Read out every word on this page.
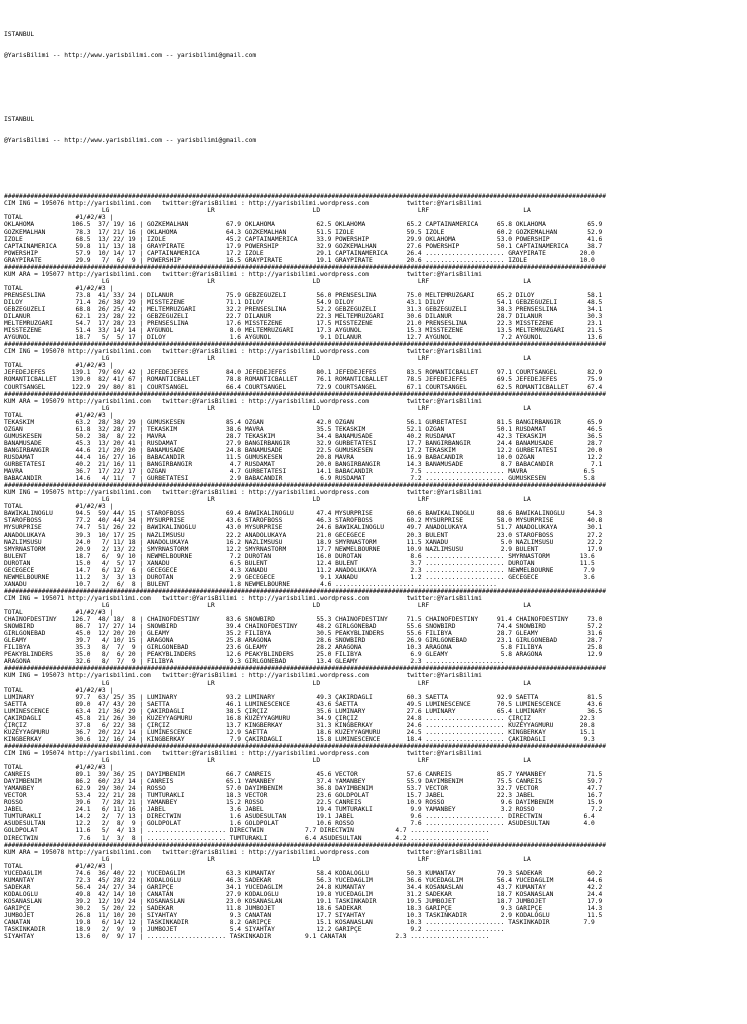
ISTANBUL

@YarisBilimi -- http://www.yarisbilimi.com -- yarisbilimi@gmail.com

ISTANBUL

@YarisBilimi -- http://www.yarisbilimi.com -- yarisbilimi@gmail.com

################################################################################################################################################################
CIM ING = 195076 http://yarisbilimi.com   twitter:@YarisBilimi : http://yarisbilimi.wordpress.com          twitter:@YarisBilimi
LG                          LR                          LD                          LRF                         LA
TOTAL              #1/#2/#3 |
OKLAHOMA          106.5  37/ 19/ 16 | GÖZKEMALHAN          67.9 OKLAHOMA           62.5 OKLAHOMA           65.2 CAPTAINAMERICA     65.8 OKLAHOMA           65.9
GÖZKEMALHAN        78.3  17/ 21/ 16 | OKLAHOMA             64.3 GÖZKEMALHAN        51.5 IZOLE              59.5 IZOLE              60.2 GÖZKEMALHAN        52.9
IZOLE              68.5  13/ 22/ 19 | IZOLE                45.2 CAPTAINAMERICA     33.9 POWERSHIP          29.9 OKLAHOMA           53.0 POWERSHIP          41.6
CAPTAINAMERICA     59.8  11/ 13/ 18 | GRAYPIRATE           17.9 POWERSHIP          32.9 GÖZKEMALHAN        27.6 POWERSHIP          50.1 CAPTAINAMERICA     38.7
POWERSHIP          57.9  10/ 14/ 17 | CAPTAINAMERICA       17.2 IZOLE              29.1 CAPTAINAMERICA     26.4 ..................... GRAYPIRATE         20.0
GRAYPIRATE         29.9   7/  6/  9 | POWERSHIP            16.5 GRAYPIRATE         19.1 GRAYPIRATE         20.6 ..................... IZOLE              10.0
################################################################################################################################################################
KUM ARA = 195077 http://yarisbilimi.com   twitter:@YarisBilimi : http://yarisbilimi.wordpress.com          twitter:@YarisBilimi
LG                          LR                          LD                          LRF                         LA
TOTAL              #1/#2/#3 |
PRENSESLINA        73.8  41/ 33/ 24 | DILANUR              75.9 GEBZEGÜZELI        56.0 PRENSESLINA        75.0 MELTEMRÜZGARI      65.2 DILOY              58.1
DILOY              71.4  26/ 38/ 29 | MISSTEZENE           71.1 DILOY              54.9 DILOY              43.1 DILOY              54.1 GEBZEGÜZELI        48.5
GEBZEGÜZELI        68.8  26/ 25/ 42 | MELTEMRÜZGARI        32.2 PRENSESLINA        52.2 GEBZEGÜZELI        31.3 GEBZEGÜZELI        38.3 PRENSESLINA        34.1
DILANUR            62.1  23/ 28/ 22 | GEBZEGÜZELI          22.7 DILANUR            22.3 MELTEMRÜZGARI      30.6 DILANUR            28.7 DILANUR            30.3
MELTEMRÜZGARI      54.7  17/ 28/ 23 | PRENSESLINA          17.6 MISSTEZENE         17.5 MISSTEZENE         21.0 PRENSESLINA        22.3 MISSTEZENE         23.1
MISSTEZENE         51.4  33/ 14/ 14 | AYGÜNÖL               8.0 MELTEMRÜZGARI      17.3 AYGÜNÖL            15.3 MISSTEZENE         13.5 MELTEMRÜZGARI      21.5
AYGÜNÖL            18.7   5/  5/ 17 | DILOY                 1.6 AYGÜNÖL             9.1 DILANUR            12.7 AYGÜNÖL             7.2 AYGÜNÖL            13.6
################################################################################################################################################################
CIM ING = 195070 http://yarisbilimi.com   twitter:@YarisBilimi : http://yarisbilimi.wordpress.com          twitter:@YarisBilimi
LG                          LR                          LD                          LRF                         LA
TOTAL              #1/#2/#3 |
JEFEDEJEFES       139.1  79/ 69/ 42 | JEFEDEJEFES          84.0 JEFEDEJEFES        80.1 JEFEDEJEFES        83.5 ROMANTICBALLET     97.1 COURTSANGEL        82.9
ROMANTICBALLET    139.0  82/ 41/ 67 | ROMANTICBALLET       78.8 ROMANTICBALLET     76.1 ROMANTICBALLET     78.5 JEFEDEJEFES        69.5 JEFEDEJEFES        75.9
COURTSANGEL       122.9  29/ 80/ 81 | COURTSANGEL          66.4 COURTSANGEL        72.9 COURTSANGEL        67.1 COURTSANGEL        62.5 ROMANTICBALLET     67.4
################################################################################################################################################################
KUM ARA = 195079 http://yarisbilimi.com   twitter:@YarisBilimi : http://yarisbilimi.wordpress.com          twitter:@YarisBilimi
LG                          LR                          LD                          LRF                         LA
TOTAL              #1/#2/#3 |
TEKASKIM           63.2  28/ 38/ 29 | GÜMÜSKESEN           85.4 OZGAN              42.0 OZGAN              56.1 GURBETATESI        81.5 BANGIRBANGIR       65.9
OZGAN              61.8  32/ 28/ 27 | TEKASKIM             38.6 MAVRA              35.5 TEKASKIM           52.1 OZGAN              50.1 RUSDAMAT           46.5
GÜMÜSKESEN         50.2  38/  8/ 22 | MAVRA                28.7 TEKASKIM           34.4 BANAMÜSADE         40.2 RUSDAMAT           42.3 TEKASKIM           36.5
BANAMÜSADE         45.3  13/ 20/ 41 | RUSDAMAT             27.9 BANGIRBANGIR       32.9 GURBETATESI        17.7 BANGIRBANGIR       24.4 BANAMÜSADE         28.7
BANGIRBANGIR       44.6  21/ 20/ 20 | BANAMÜSADE           24.8 BANAMÜSADE         22.5 GÜMÜSKESEN         17.2 TEKASKIM           12.2 GURBETATESI        20.0
RUSDAMAT           44.4  16/ 27/ 16 | BABACANDIR           11.5 GÜMÜSKESEN         20.8 MAVRA              16.9 BABACANDIR         10.0 OZGAN              12.2
GURBETATESI        40.2  21/ 16/ 11 | BANGIRBANGIR          4.7 RUSDAMAT           20.0 BANGIRBANGIR       14.3 BANAMÜSADE          8.7 BABACANDIR          7.1
MAVRA              36.7  17/ 22/ 17 | OZGAN                 4.7 GURBETATESI        14.1 BABACANDIR          7.5 ..................... MAVRA               6.5
BABACANDIR         14.6   4/ 11/  7 | GURBETATESI           2.9 BABACANDIR          6.9 RUSDAMAT            7.2 ..................... GÜMÜSKESEN          5.8
################################################################################################################################################################
KUM ING = 195075 http://yarisbilimi.com   twitter:@YarisBilimi : http://yarisbilimi.wordpress.com          twitter:@YarisBilimi
LG                          LR                          LD                          LRF                         LA
TOTAL              #1/#2/#3 |
BAWIKALINOGLU      94.5  59/ 44/ 15 | STAROFBOSS           69.4 BAWIKALINOGLU      47.4 MYSURPRISE         60.6 BAWIKALINOGLU      88.6 BAWIKALINOGLU      54.3
STAROFBOSS         77.2  40/ 44/ 34 | MYSURPRISE           43.6 STAROFBOSS         46.3 STAROFBOSS         60.2 MYSURPRISE         58.0 MYSURPRISE         40.8
MYSURPRISE         74.7  51/ 26/ 22 | BAWIKALINOGLU        43.0 MYSURPRISE         24.6 BAWIKALINOGLU      49.7 ANADOLUKAYA        51.7 ANADOLUKAYA        30.1
ANADOLUKAYA        39.3  10/ 17/ 25 | NAZLIMSUSU           22.2 ANADOLUKAYA        21.0 GECEGECE           20.3 BÜLENT             23.0 STAROFBOSS         27.2
NAZLIMSUSU         24.0   7/ 11/ 18 | ANADOLUKAYA          16.2 NAZLIMSUSU         18.9 SMYRNASTORM        11.5 XANADU              5.0 NAZLIMSUSU         22.2
SMYRNASTORM        20.9   2/ 13/ 22 | SMYRNASTORM          12.2 SMYRNASTORM        17.7 NEWMELBOURNE       10.9 NAZLIMSUSU          2.9 BÜLENT             17.9
BÜLENT             18.7   6/  9/ 10 | NEWMELBOURNE          7.2 DUROTAN            16.0 DUROTAN             8.6 ..................... SMYRNASTORM        13.6
DUROTAN            15.0   4/  5/ 17 | XANADU                6.5 BÜLENT             12.4 BÜLENT              3.7 ..................... DUROTAN            11.5
GECEGECE           14.7   6/ 12/  6 | GECEGECE              4.3 XANADU             11.2 ANADOLUKAYA         2.3 ..................... NEWMELBOURNE        7.9
NEWMELBOURNE       11.2   3/  3/ 13 | DUROTAN               2.9 GECEGECE            9.1 XANADU              1.2 ..................... GECEGECE            3.6
XANADU             10.7   2/  6/  8 | BÜLENT                1.8 NEWMELBOURNE        4.6 ..................... .....................
################################################################################################################################################################
CIM ING = 195071 http://yarisbilimi.com   twitter:@YarisBilimi : http://yarisbilimi.wordpress.com          twitter:@YarisBilimi
LG                          LR                          LD                          LRF                         LA
TOTAL              #1/#2/#3 |
CHAINOFDESTINY    126.7  48/ 18/  8 | CHAINOFDESTINY       83.6 SNOWBIRD           55.3 CHAINOFDESTINY     71.5 CHAINOFDESTINY     91.4 CHAINOFDESTINY     73.0
SNOWBIRD           86.7  17/ 27/ 14 | SNOWBIRD             39.4 CHAINOFDESTINY     48.2 GIRLGONEBAD        55.6 SNOWBIRD           74.4 SNOWBIRD           57.2
GIRLGONEBAD        45.0  12/ 20/ 20 | GLEAMY               35.2 FILIBYA            30.5 PEAKYBLINDERS      55.6 FILIBYA            28.7 GLEAMY             31.6
GLEAMY             39.7   4/ 10/ 15 | ARAGONA              25.8 ARAGONA            28.6 SNOWBIRD           26.9 GIRLGONEBAD        23.1 GIRLGONEBAD        28.7
FILIBYA            35.3   8/  7/  9 | GIRLGONEBAD          23.6 GLEAMY             28.2 ARAGONA            10.3 ARAGONA             5.8 FILIBYA            25.8
PEAKYBLINDERS      35.0   8/  6/ 20 | PEAKYBLINDERS        12.6 PEAKYBLINDERS      25.0 FILIBYA             6.9 GLEAMY              5.8 ARAGONA            12.9
ARAGONA            32.6   8/  7/  9 | FILIBYA               9.3 GIRLGONEBAD        13.4 GLEAMY              2.3 .....................
################################################################################################################################################################
KUM ING = 195073 http://yarisbilimi.com   twitter:@YarisBilimi : http://yarisbilimi.wordpress.com          twitter:@YarisBilimi
LG                          LR                          LD                          LRF                         LA
TOTAL              #1/#2/#3 |
LUMINARY           97.7  63/ 25/ 35 | LUMINARY             93.2 LUMINARY           49.3 ÇAKIRDAGLI         60.3 SAETTA             92.9 SAETTA             81.5
SAETTA             89.0  47/ 43/ 20 | SAETTA               46.1 LUMINESCENCE       43.6 SAETTA             49.5 LUMINESCENCE       70.5 LUMINESCENCE       43.6
LUMINESCENCE       63.4  21/ 36/ 29 | ÇAKIRDAGLI           38.5 ÇIRÇIZ             35.6 LUMINARY           27.6 LUMINARY           65.4 LUMINARY           36.5
ÇAKIRDAGLI         45.8  21/ 26/ 30 | KUZEYYAGMURU         16.8 KUZEYYAGMURU       34.9 ÇIRÇIZ             24.8 ..................... ÇIRÇIZ             22.3
ÇIRÇIZ             37.8   6/ 22/ 38 | ÇIRÇIZ               13.7 KINGBERKAY         31.3 KINGBERKAY         24.6 ..................... KUZEYYAGMURU       20.8
KUZEYYAGMURU       36.7  20/ 22/ 14 | LUMINESCENCE         12.9 SAETTA             18.6 KUZEYYAGMURU       24.5 ..................... KINGBERKAY         15.1
KINGBERKAY         30.6  12/ 16/ 24 | KINGBERKAY            7.9 ÇAKIRDAGLI         15.8 LUMINESCENCE       18.4 ..................... ÇAKIRDAGLI          9.3
################################################################################################################################################################
CIM ING = 195074 http://yarisbilimi.com   twitter:@YarisBilimi : http://yarisbilimi.wordpress.com          twitter:@YarisBilimi
LG                          LR                          LD                          LRF                         LA
TOTAL              #1/#2/#3 |
CANREIS            89.1  39/ 36/ 25 | DAYIMBENIM           66.7 CANREIS            45.6 VECTOR             57.6 CANREIS            85.7 YAMANBEY           71.5
DAYIMBENIM         86.2  60/ 23/ 14 | CANREIS              65.1 YAMANBEY           37.4 YAMANBEY           55.9 DAYIMBENIM         75.5 CANREIS            59.7
YAMANBEY           62.9  29/ 30/ 24 | ROSSO                57.0 DAYIMBENIM         36.8 DAYIMBENIM         53.7 VECTOR             32.7 VECTOR             47.7
VECTOR             53.4  22/ 21/ 28 | TUMTURAKLI           18.3 VECTOR             23.6 GOLDPOLAT          15.7 JABEL              22.3 JABEL              16.7
ROSSO              39.6   7/ 28/ 21 | YAMANBEY             15.2 ROSSO              22.5 CANREIS            10.9 ROSSO               9.6 DAYIMBENIM         15.9
JABEL              24.1   6/ 11/ 16 | JABEL                 3.6 JABEL              19.4 TUMTURAKLI          9.9 YAMANBEY            3.2 ROSSO               7.2
TUMTURAKLI         14.2   2/  7/ 13 | DIRECTWIN             1.6 ASUDESULTAN        19.1 JABEL               9.6 ..................... DIRECTWIN           6.4
ASUDESULTAN        12.2   2/  8/  9 | GOLDPOLAT             1.6 GOLDPOLAT          10.6 ROSSO               7.6 ..................... ASUDESULTAN         4.0
GOLDPOLAT          11.6   5/  4/ 13 | ..................... DIRECTWIN           7.7 DIRECTWIN           4.7 .....................
DIRECTWIN           7.6   1/  3/  8 | ..................... TUMTURAKLI          6.4 ASUDESULTAN         4.2 .....................
################################################################################################################################################################
KUM ARA = 195078 http://yarisbilimi.com   twitter:@YarisBilimi : http://yarisbilimi.wordpress.com          twitter:@YarisBilimi
LG                          LR                          LD                          LRF                         LA
TOTAL              #1/#2/#3 |
YÜCEDAGLIM         74.6  36/ 40/ 22 | YÜCEDAGLIM           63.3 KUMANTAY           58.4 KODALOGLU          50.3 KUMANTAY           79.3 SADEKAR            60.2
KUMANTAY           72.3  45/ 28/ 22 | KODALOGLU            46.3 SADEKAR            56.3 YÜCEDAGLIM         36.6 YÜCEDAGLIM         56.4 YÜCEDAGLIM         44.6
SADEKAR            56.4  24/ 27/ 34 | GARIPÇE              34.1 YÜCEDAGLIM         24.8 KUMANTAY           34.4 KOSANASLAN         43.7 KUMANTAY           42.2
KODALOGLU          49.8  42/ 14/ 10 | CANATAN              27.9 KODALOGLU          19.8 YÜCEDAGLIM         31.2 SADEKAR            18.7 KOSANASLAN         24.4
KOSANASLAN         39.2  12/ 19/ 24 | KOSANASLAN           23.0 KOSANASLAN         19.1 TASKINKADIR        19.5 JUMBOJET           18.7 JUMBOJET           17.9
GARIPÇE            30.2   5/ 20/ 22 | SADEKAR              11.8 JUMBOJET           18.6 SADEKAR            18.3 GARIPÇE             9.3 GARIPÇE            14.3
JUMBOJET           26.8  11/ 10/ 20 | SIYAHTAY              9.3 CANATAN            17.7 SIYAHTAY           10.3 TASKINKADIR         2.9 KODALOGLU          11.5
CANATAN            19.8   6/ 14/ 12 | TASKINKADIR           8.2 GARIPÇE            15.1 KOSANASLAN         10.3 ..................... TASKINKADIR         7.9
TASKINKADIR        18.9   2/  9/  9 | JUMBOJET              5.4 SIYAHTAY           12.2 GARIPÇE             9.2 .....................
SIYAHTAY           13.6   0/  9/ 17 | ..................... TASKINKADIR         9.1 CANATAN             2.3 .....................
